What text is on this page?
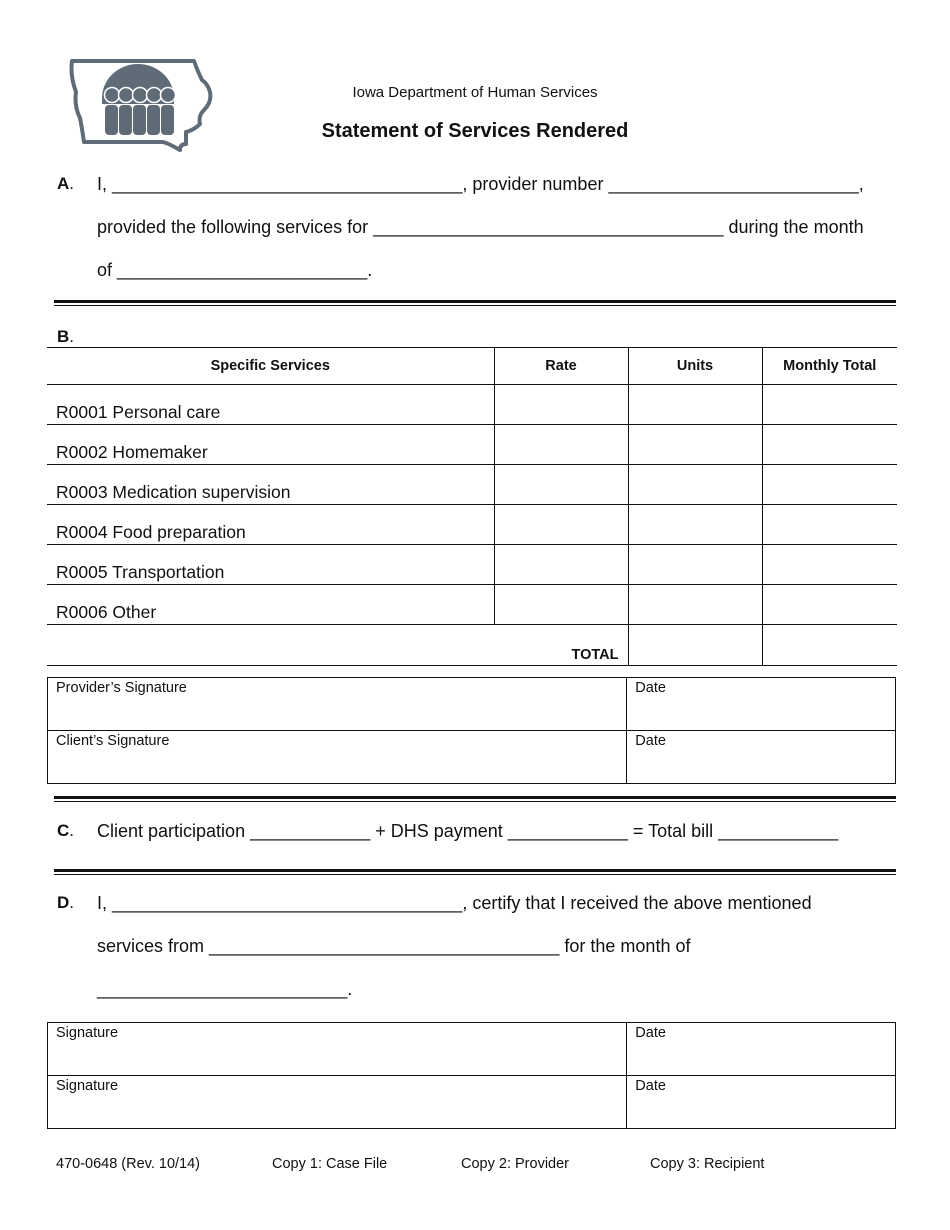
Iowa Department of Human Services
Statement of Services Rendered
A. I, ___________________________________, provider number _________________________,
provided the following services for ___________________________________ during the month
of _________________________.
B.
Specific Services	Rate	Units	Monthly Total
R0001 Personal care			
R0002 Homemaker			
R0003 Medication supervision			
R0004 Food preparation			
R0005 Transportation			
R0006 Other			
TOTAL			
Provider’s Signature	Date
Client’s Signature	Date
C. Client participation ____________ + DHS payment ____________ = Total bill ____________
D. I, ___________________________________, certify that I received the above mentioned
services from ___________________________________ for the month of
_________________________.
Signature	Date
Signature	Date
470-0648 (Rev. 10/14)	Copy 1: Case File	Copy 2: Provider	Copy 3: Recipient
